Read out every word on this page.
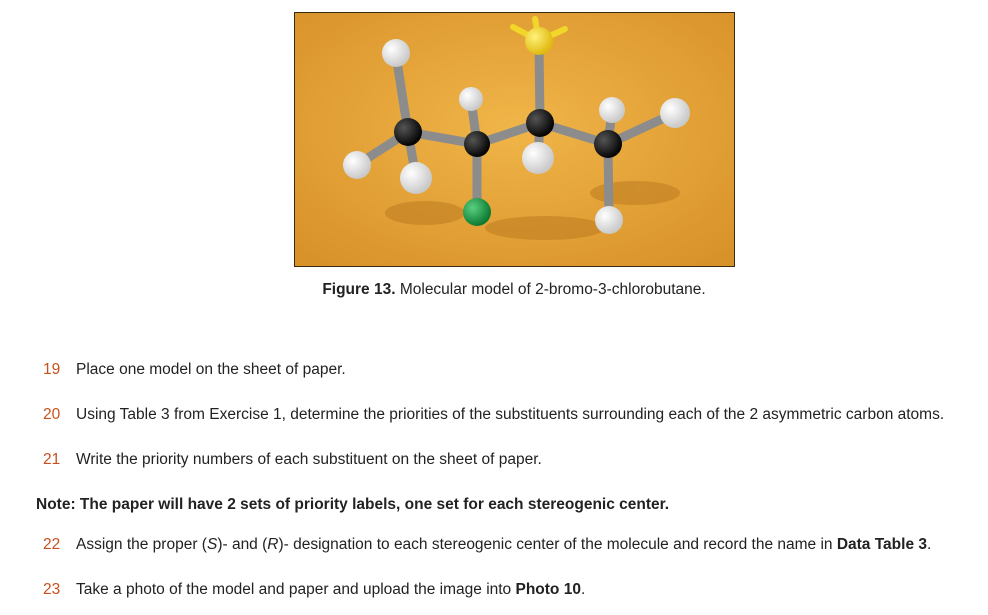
Figure 13. Molecular model of 2-bromo-3-chlorobutane.
19	Place one model on the sheet of paper.
20	Using Table 3 from Exercise 1, determine the priorities of the substituents surrounding each of the 2 asymmetric carbon atoms.
21	Write the priority numbers of each substituent on the sheet of paper.
Note: The paper will have 2 sets of priority labels, one set for each stereogenic center.
22	Assign the proper (S)- and (R)- designation to each stereogenic center of the molecule and record the name in Data Table 3.
23	Take a photo of the model and paper and upload the image into Photo 10.
